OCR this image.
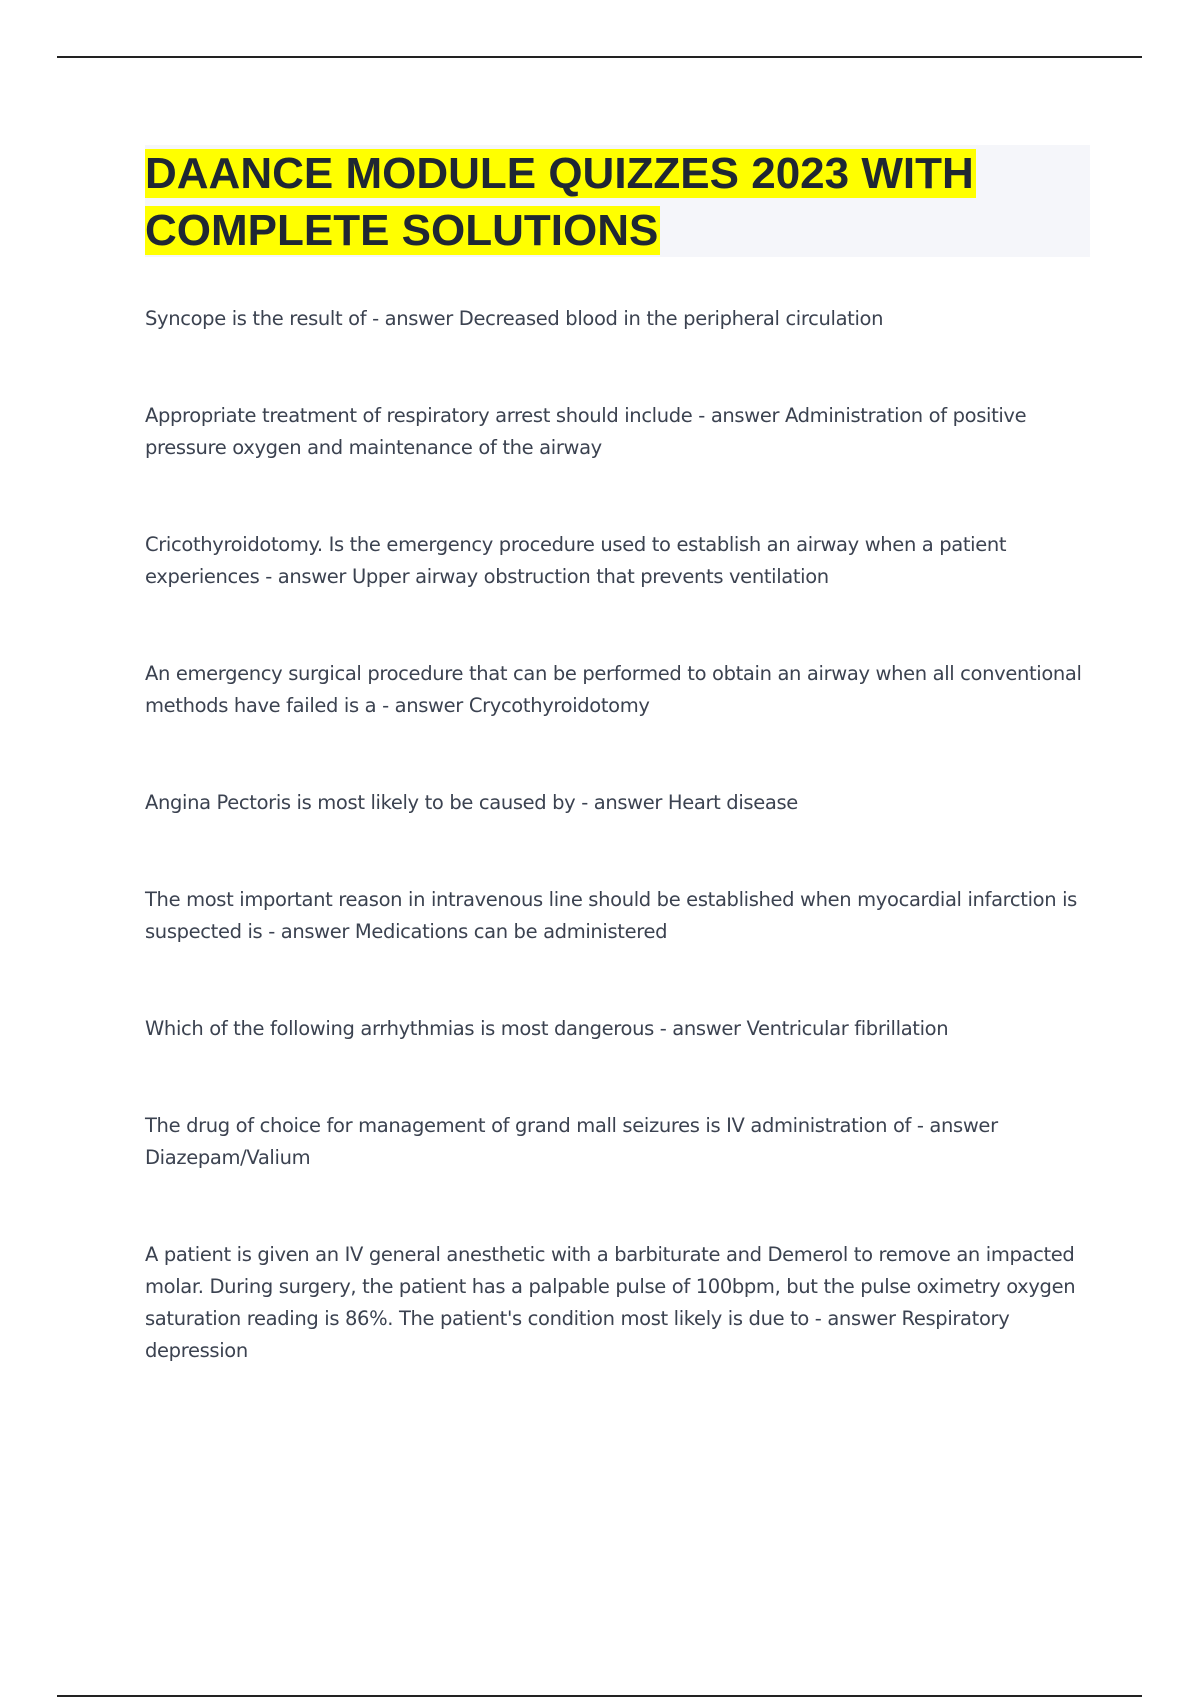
DAANCE MODULE QUIZZES 2023 WITH
COMPLETE SOLUTIONS
Syncope is the result of - answer Decreased blood in the peripheral circulation
Appropriate treatment of respiratory arrest should include - answer Administration of positive pressure oxygen and maintenance of the airway
Cricothyroidotomy. Is the emergency procedure used to establish an airway when a patient experiences - answer Upper airway obstruction that prevents ventilation
An emergency surgical procedure that can be performed to obtain an airway when all conventional methods have failed is a - answer Crycothyroidotomy
Angina Pectoris is most likely to be caused by - answer Heart disease
The most important reason in intravenous line should be established when myocardial infarction is suspected is - answer Medications can be administered
Which of the following arrhythmias is most dangerous - answer Ventricular fibrillation
The drug of choice for management of grand mall seizures is IV administration of - answer Diazepam/Valium
A patient is given an IV general anesthetic with a barbiturate and Demerol to remove an impacted molar. During surgery, the patient has a palpable pulse of 100bpm, but the pulse oximetry oxygen saturation reading is 86%. The patient's condition most likely is due to - answer Respiratory depression
